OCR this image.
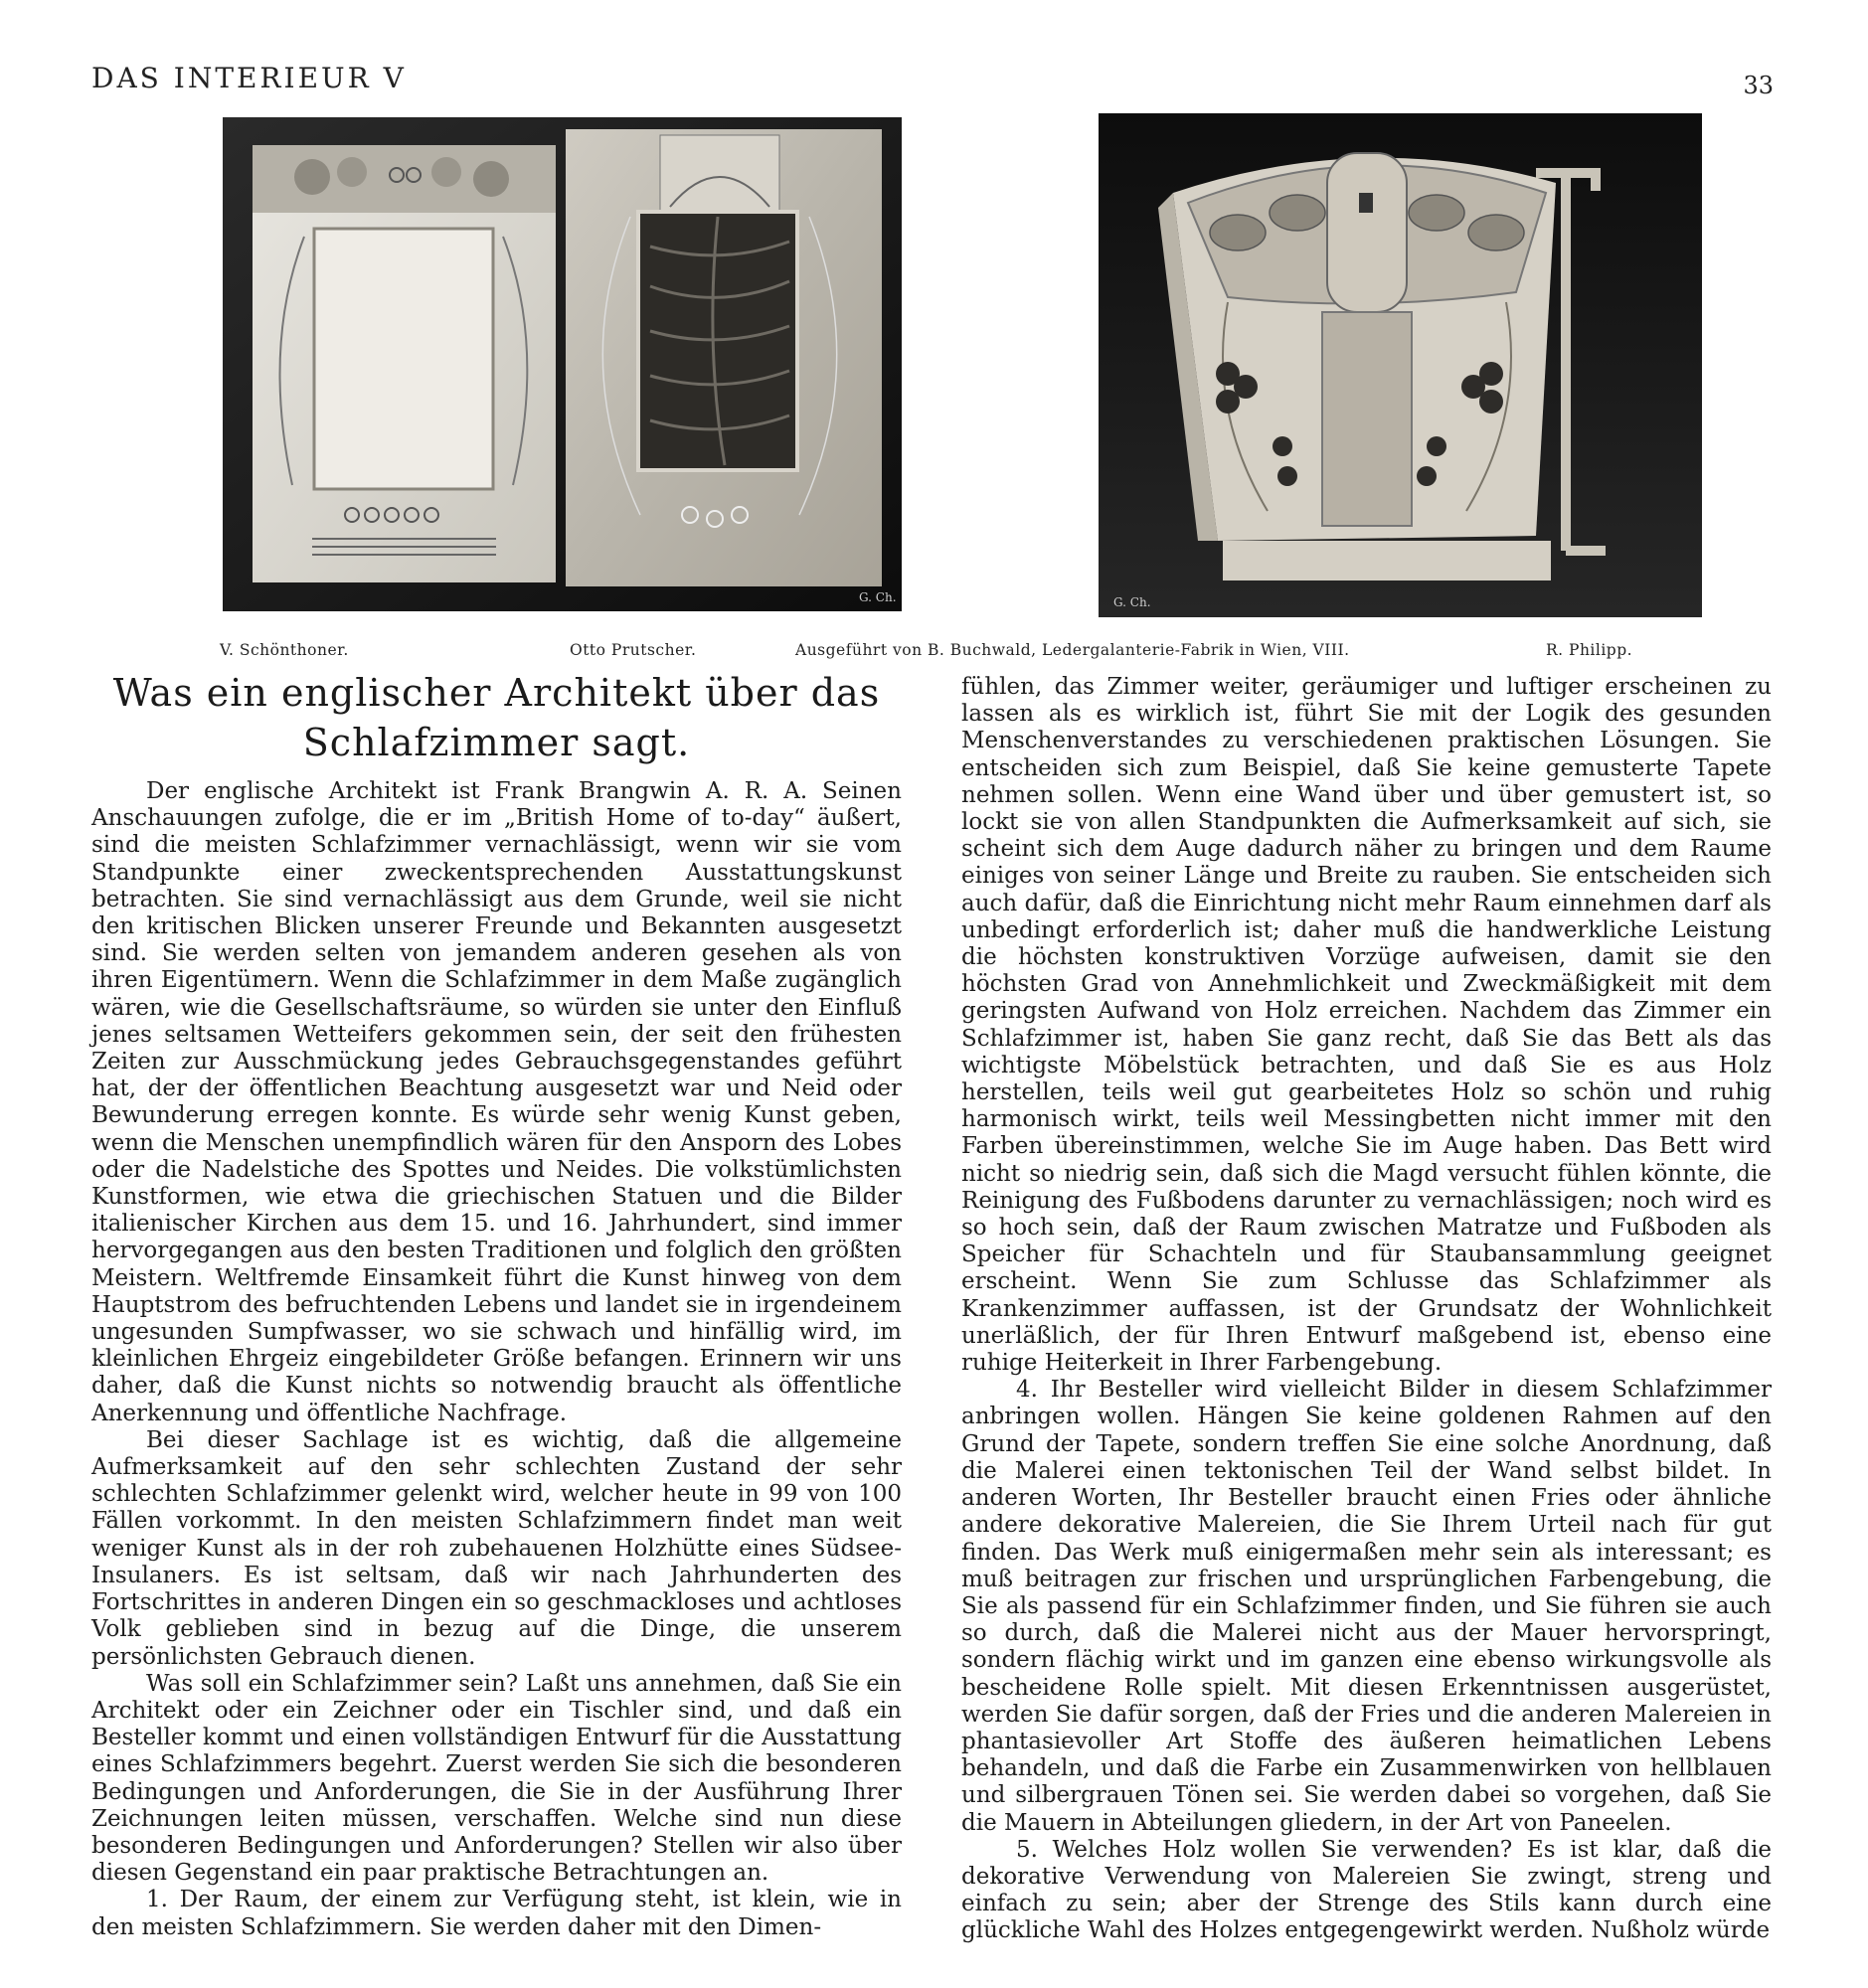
DAS INTERIEUR V	33
G. Ch.	G. Ch.
V. Schönthoner.	Otto Prutscher.	Ausgeführt von B. Buchwald, Ledergalanterie-Fabrik in Wien, VIII.	R. Philipp.
Was ein englischer Architekt über das
Schlafzimmer sagt.

Der englische Architekt ist Frank Brangwin A. R. A. Seinen Anschauungen zufolge, die er im „British Home of to-day“ äußert, sind die meisten Schlafzimmer vernachlässigt, wenn wir sie vom Standpunkte einer zweckentsprechenden Ausstattungskunst betrachten. Sie sind vernachlässigt aus dem Grunde, weil sie nicht den kritischen Blicken unserer Freunde und Bekannten ausgesetzt sind. Sie werden selten von jemandem anderen gesehen als von ihren Eigentümern. Wenn die Schlafzimmer in dem Maße zugänglich wären, wie die Gesellschaftsräume, so würden sie unter den Einfluß jenes seltsamen Wetteifers gekommen sein, der seit den frühesten Zeiten zur Ausschmückung jedes Gebrauchsgegenstandes geführt hat, der der öffentlichen Beachtung ausgesetzt war und Neid oder Bewunderung erregen konnte. Es würde sehr wenig Kunst geben, wenn die Menschen unempfindlich wären für den Ansporn des Lobes oder die Nadelstiche des Spottes und Neides. Die volkstümlichsten Kunstformen, wie etwa die griechischen Statuen und die Bilder italienischer Kirchen aus dem 15. und 16. Jahrhundert, sind immer hervorgegangen aus den besten Traditionen und folglich den größten Meistern. Weltfremde Einsamkeit führt die Kunst hinweg von dem Hauptstrom des befruchtenden Lebens und landet sie in irgendeinem ungesunden Sumpfwasser, wo sie schwach und hinfällig wird, im kleinlichen Ehrgeiz eingebildeter Größe befangen. Erinnern wir uns daher, daß die Kunst nichts so notwendig braucht als öffentliche Anerkennung und öffentliche Nachfrage.

Bei dieser Sachlage ist es wichtig, daß die allgemeine Aufmerksamkeit auf den sehr schlechten Zustand der sehr schlechten Schlafzimmer gelenkt wird, welcher heute in 99 von 100 Fällen vorkommt. In den meisten Schlafzimmern findet man weit weniger Kunst als in der roh zubehauenen Holzhütte eines Südsee-Insulaners. Es ist seltsam, daß wir nach Jahrhunderten des Fortschrittes in anderen Dingen ein so geschmackloses und achtloses Volk geblieben sind in bezug auf die Dinge, die unserem persönlichsten Gebrauch dienen.

Was soll ein Schlafzimmer sein? Laßt uns annehmen, daß Sie ein Architekt oder ein Zeichner oder ein Tischler sind, und daß ein Besteller kommt und einen vollständigen Entwurf für die Ausstattung eines Schlafzimmers begehrt. Zuerst werden Sie sich die besonderen Bedingungen und Anforderungen, die Sie in der Ausführung Ihrer Zeichnungen leiten müssen, verschaffen. Welche sind nun diese besonderen Bedingungen und Anforderungen? Stellen wir also über diesen Gegenstand ein paar praktische Betrachtungen an.

1. Der Raum, der einem zur Verfügung steht, ist klein, wie in den meisten Schlafzimmern. Sie werden daher mit den Dimen-

fühlen, das Zimmer weiter, geräumiger und luftiger erscheinen zu lassen als es wirklich ist, führt Sie mit der Logik des gesunden Menschenverstandes zu verschiedenen praktischen Lösungen. Sie entscheiden sich zum Beispiel, daß Sie keine gemusterte Tapete nehmen sollen. Wenn eine Wand über und über gemustert ist, so lockt sie von allen Standpunkten die Aufmerksamkeit auf sich, sie scheint sich dem Auge dadurch näher zu bringen und dem Raume einiges von seiner Länge und Breite zu rauben. Sie entscheiden sich auch dafür, daß die Einrichtung nicht mehr Raum einnehmen darf als unbedingt erforderlich ist; daher muß die handwerkliche Leistung die höchsten konstruktiven Vorzüge aufweisen, damit sie den höchsten Grad von Annehmlichkeit und Zweckmäßigkeit mit dem geringsten Aufwand von Holz erreichen. Nachdem das Zimmer ein Schlafzimmer ist, haben Sie ganz recht, daß Sie das Bett als das wichtigste Möbelstück betrachten, und daß Sie es aus Holz herstellen, teils weil gut gearbeitetes Holz so schön und ruhig harmonisch wirkt, teils weil Messingbetten nicht immer mit den Farben übereinstimmen, welche Sie im Auge haben. Das Bett wird nicht so niedrig sein, daß sich die Magd versucht fühlen könnte, die Reinigung des Fußbodens darunter zu vernachlässigen; noch wird es so hoch sein, daß der Raum zwischen Matratze und Fußboden als Speicher für Schachteln und für Staubansammlung geeignet erscheint. Wenn Sie zum Schlusse das Schlafzimmer als Krankenzimmer auffassen, ist der Grundsatz der Wohnlichkeit unerläßlich, der für Ihren Entwurf maßgebend ist, ebenso eine ruhige Heiterkeit in Ihrer Farbengebung.

4. Ihr Besteller wird vielleicht Bilder in diesem Schlafzimmer anbringen wollen. Hängen Sie keine goldenen Rahmen auf den Grund der Tapete, sondern treffen Sie eine solche Anordnung, daß die Malerei einen tektonischen Teil der Wand selbst bildet. In anderen Worten, Ihr Besteller braucht einen Fries oder ähnliche andere dekorative Malereien, die Sie Ihrem Urteil nach für gut finden. Das Werk muß einigermaßen mehr sein als interessant; es muß beitragen zur frischen und ursprünglichen Farbengebung, die Sie als passend für ein Schlafzimmer finden, und Sie führen sie auch so durch, daß die Malerei nicht aus der Mauer hervorspringt, sondern flächig wirkt und im ganzen eine ebenso wirkungsvolle als bescheidene Rolle spielt. Mit diesen Erkenntnissen ausgerüstet, werden Sie dafür sorgen, daß der Fries und die anderen Malereien in phantasievoller Art Stoffe des äußeren heimatlichen Lebens behandeln, und daß die Farbe ein Zusammenwirken von hellblauen und silbergrauen Tönen sei. Sie werden dabei so vorgehen, daß Sie die Mauern in Abteilungen gliedern, in der Art von Paneelen.

5. Welches Holz wollen Sie verwenden? Es ist klar, daß die dekorative Verwendung von Malereien Sie zwingt, streng und einfach zu sein; aber der Strenge des Stils kann durch eine glückliche Wahl des Holzes entgegengewirkt werden. Nußholz würde
